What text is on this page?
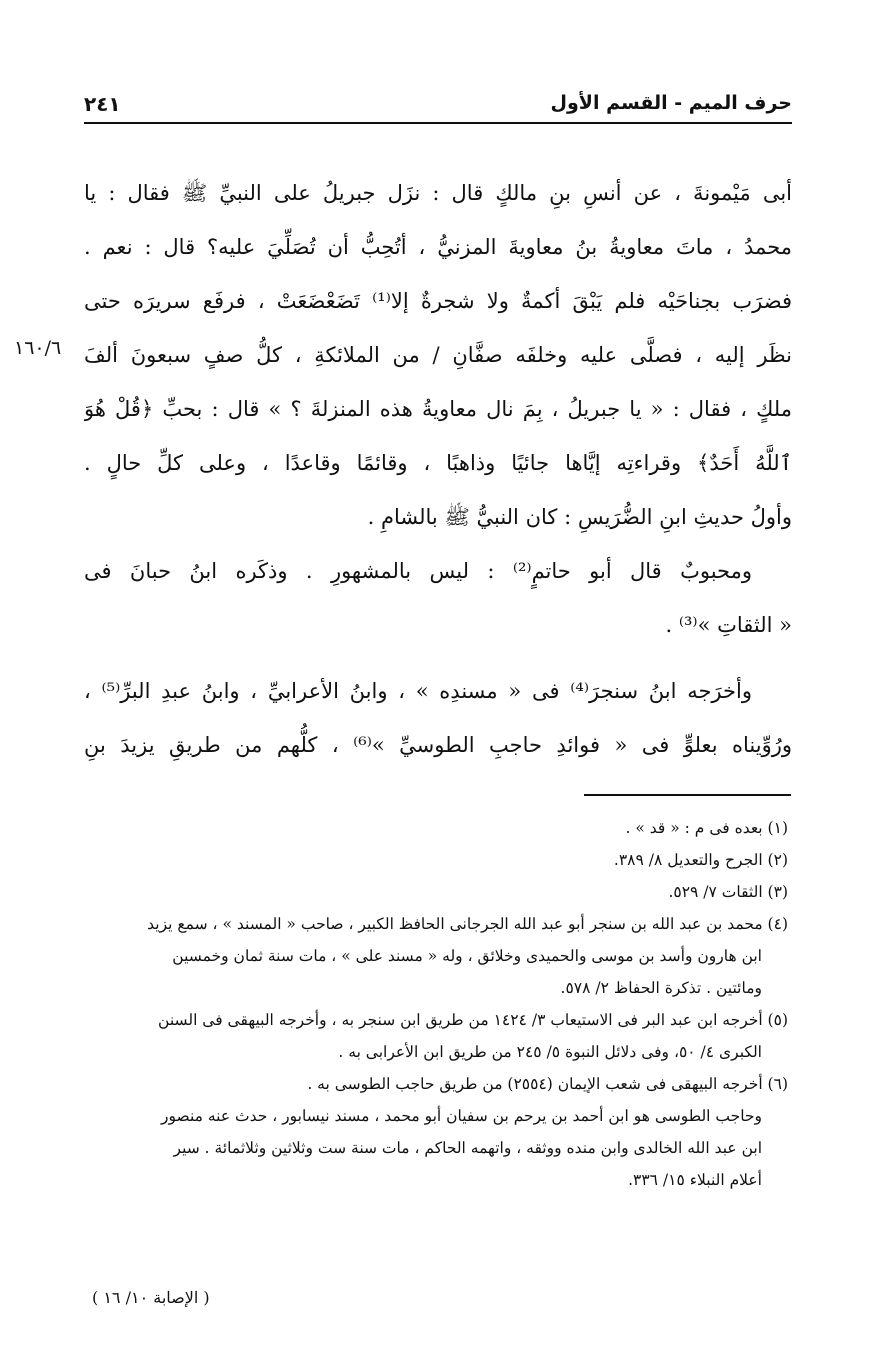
حرف الميم - القسم الأول
٢٤١
١٦٠/٦
أبى مَيْمونةَ ، عن أنسِ بنِ مالكٍ قال : نزَل جبريلُ على النبيِّ ﷺ فقال : يا
محمدُ ، ماتَ معاويةُ بنُ معاويةَ المزنيُّ ، أتُحِبُّ أن تُصَلِّيَ عليه؟ قال : نعم .
فضرَب بجناحَيْه فلم يَبْقَ أكمةٌ ولا شجرةٌ إلا⁽¹⁾ تَضَعْضَعَتْ ، فرفَع سريرَه حتى
نظَر إليه ، فصلَّى عليه وخلفَه صفَّانِ / من الملائكةِ ، كلُّ صفٍ سبعونَ ألفَ
ملكٍ ، فقال : « يا جبريلُ ، بِمَ نال معاويةُ هذه المنزلةَ ؟ » قال : بحبِّ ﴿قُلْ هُوَ
ٱللَّهُ أَحَدٌ﴾ وقراءتِه إيَّاها جائيًا وذاهبًا ، وقائمًا وقاعدًا ، وعلى كلِّ حالٍ .
وأولُ حديثِ ابنِ الضُّرَيسِ : كان النبيُّ ﷺ بالشامِ .
ومحبوبٌ قال أبو حاتمٍ⁽²⁾ : ليس بالمشهورِ . وذكَره ابنُ حبانَ فى
« الثقاتِ »⁽³⁾ .
وأخرَجه ابنُ سنجرَ⁽⁴⁾ فى « مسندِه » ، وابنُ الأعرابيِّ ، وابنُ عبدِ البرِّ⁽⁵⁾ ،
ورُوِّيناه بعلوٍّ فى « فوائدِ حاجبِ الطوسيِّ »⁽⁶⁾ ، كلُّهم من طريقِ يزيدَ بنِ
(١) بعده فى م : « قد » .
(٢) الجرح والتعديل ٨/ ٣٨٩.
(٣) الثقات ٧/ ٥٢٩.
(٤) محمد بن عبد الله بن سنجر أبو عبد الله الجرجانى الحافظ الكبير ، صاحب « المسند » ، سمع يزيد
ابن هارون وأسد بن موسى والحميدى وخلائق ، وله « مسند على » ، مات سنة ثمان وخمسين
ومائتين . تذكرة الحفاظ ٢/ ٥٧٨.
(٥) أخرجه ابن عبد البر فى الاستيعاب ٣/ ١٤٢٤ من طريق ابن سنجر به ، وأخرجه البيهقى فى السنن
الكبرى ٤/ ٥٠، وفى دلائل النبوة ٥/ ٢٤٥ من طريق ابن الأعرابى به .
(٦) أخرجه البيهقى فى شعب الإيمان (٢٥٥٤) من طريق حاجب الطوسى به .
وحاجب الطوسى هو ابن أحمد بن يرحم بن سفيان أبو محمد ، مسند نيسابور ، حدث عنه منصور
ابن عبد الله الخالدى وابن منده ووثقه ، واتهمه الحاكم ، مات سنة ست وثلاثين وثلاثمائة . سير
أعلام النبلاء ١٥/ ٣٣٦.
( الإصابة ١٠/ ١٦ )
